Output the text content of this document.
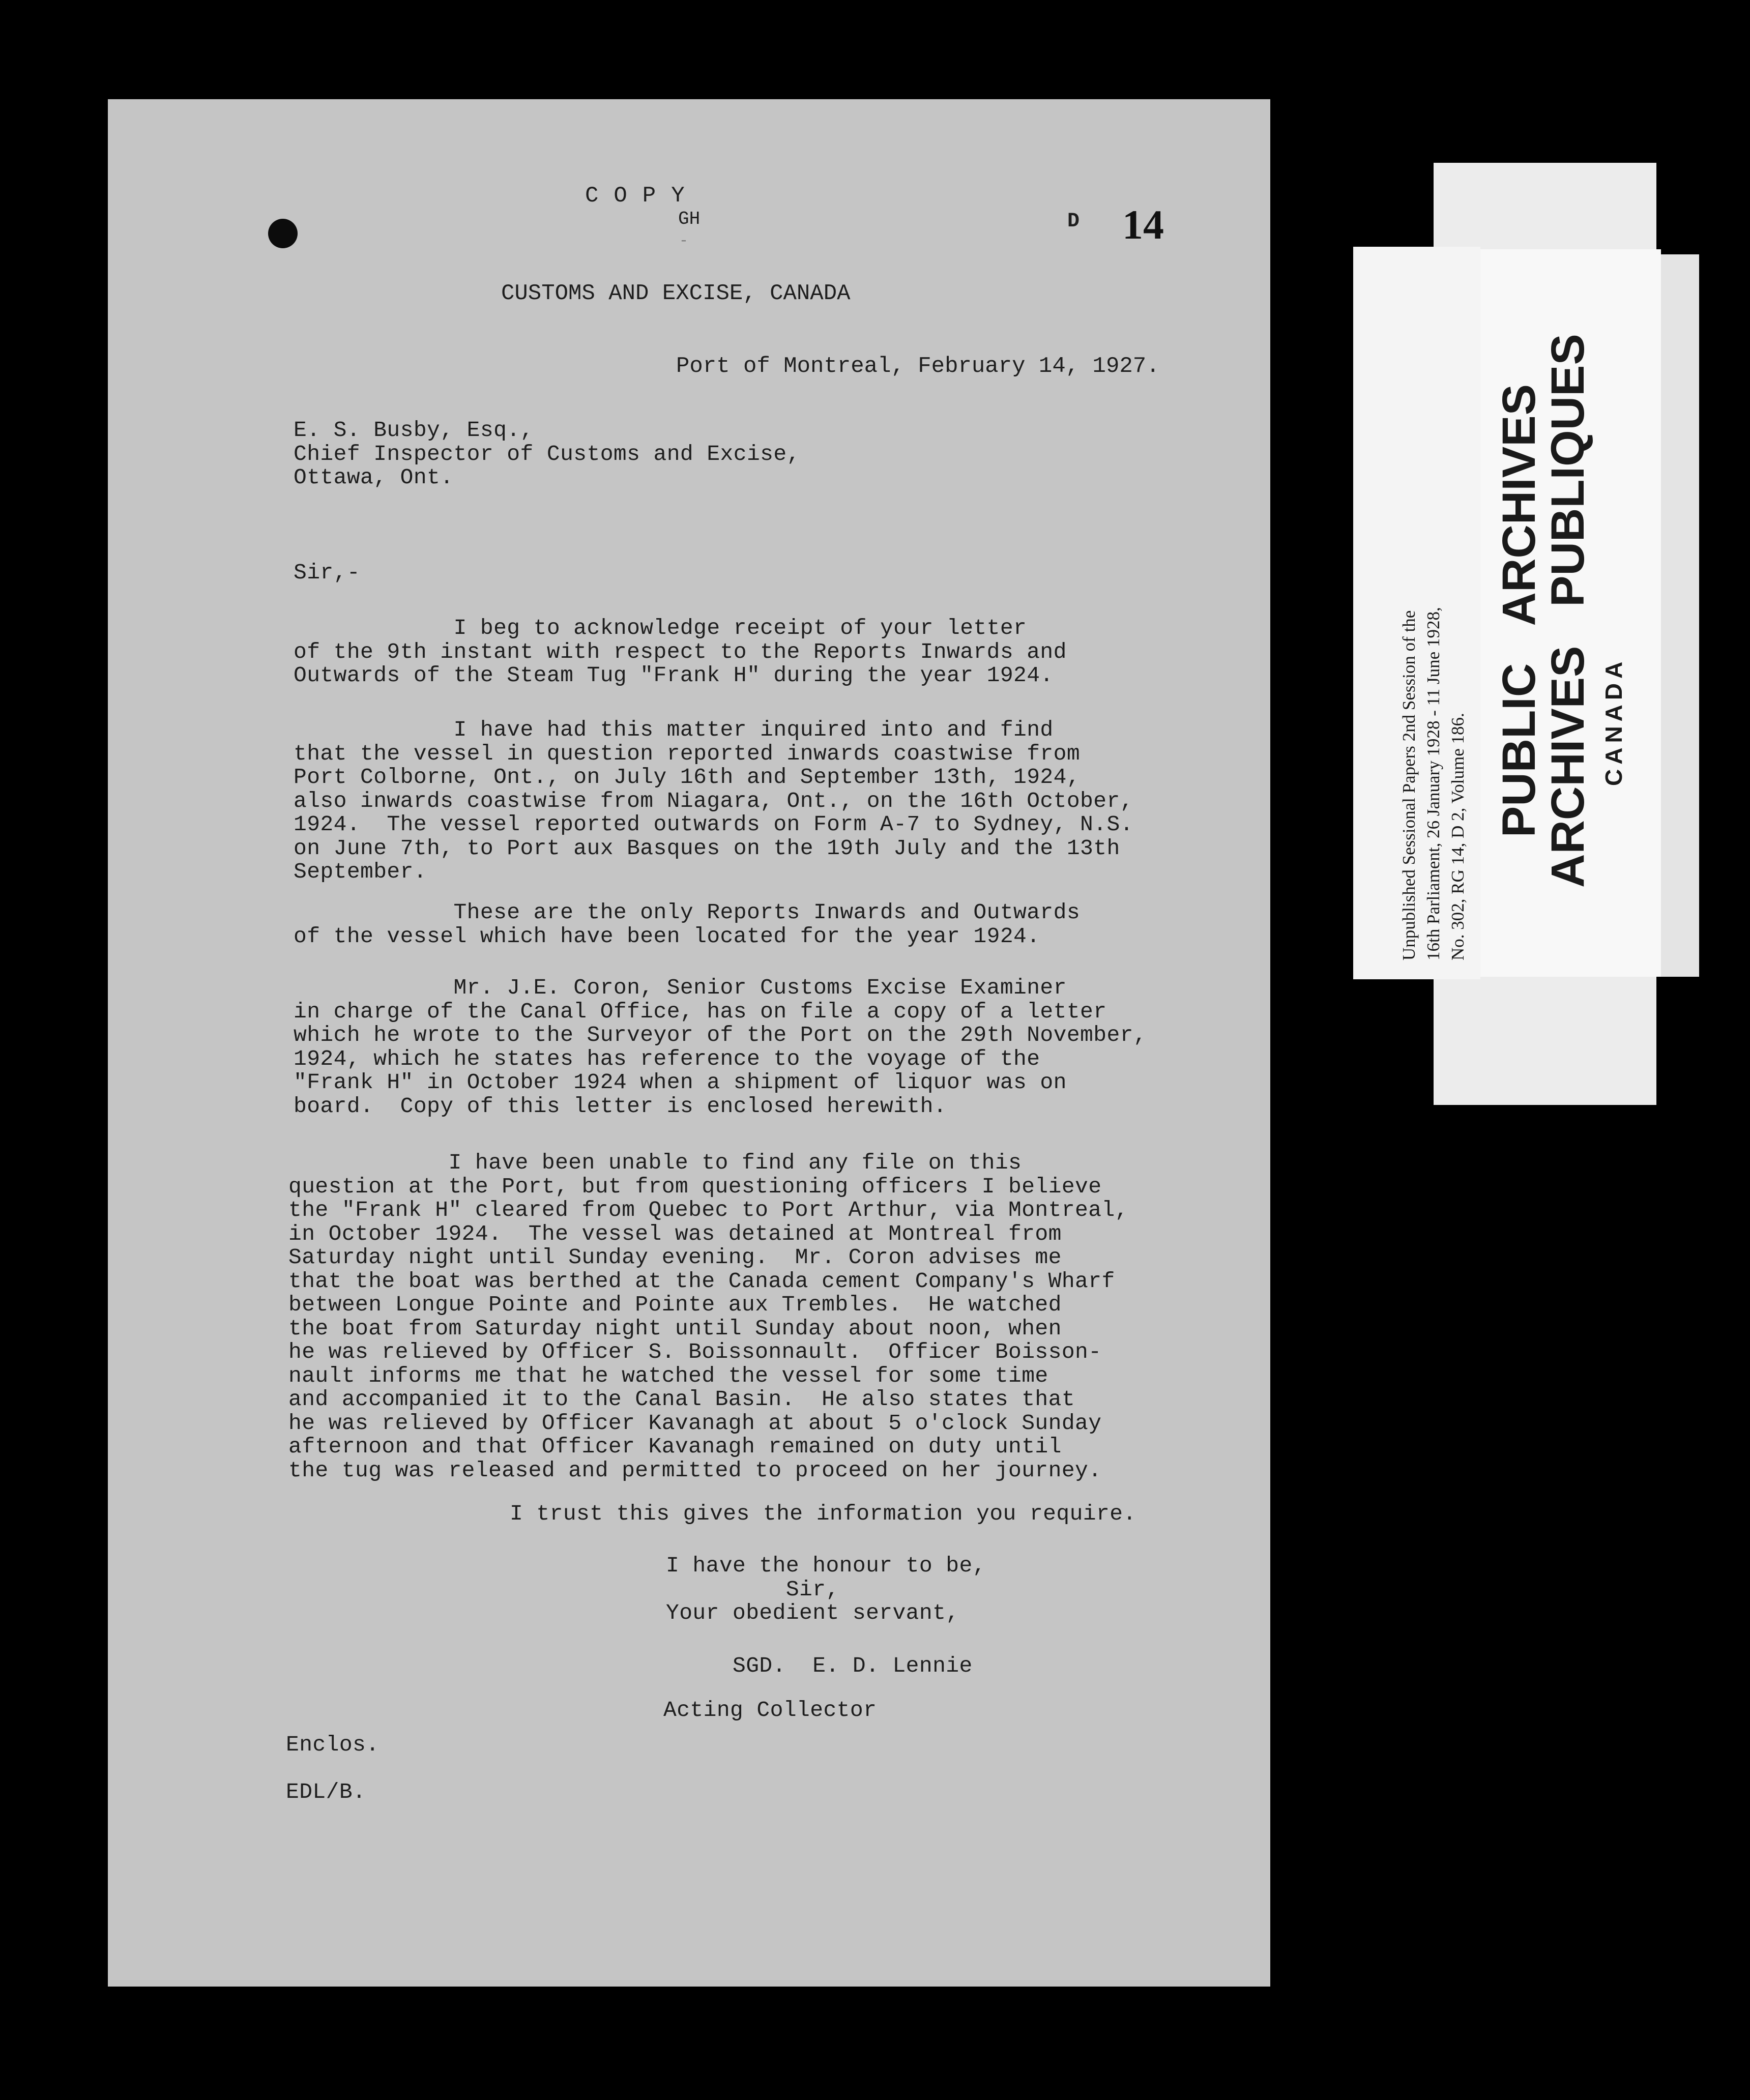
COPY
GH
-
D 14
CUSTOMS AND EXCISE, CANADA
Port of Montreal, February 14, 1927.
E. S. Busby, Esq.,
Chief Inspector of Customs and Excise,
Ottawa, Ont.
Sir,-
I beg to acknowledge receipt of your letter
of the 9th instant with respect to the Reports Inwards and
Outwards of the Steam Tug "Frank H" during the year 1924.
I have had this matter inquired into and find
that the vessel in question reported inwards coastwise from
Port Colborne, Ont., on July 16th and September 13th, 1924,
also inwards coastwise from Niagara, Ont., on the 16th October,
1924.  The vessel reported outwards on Form A-7 to Sydney, N.S.
on June 7th, to Port aux Basques on the 19th July and the 13th
September.
These are the only Reports Inwards and Outwards
of the vessel which have been located for the year 1924.
Mr. J.E. Coron, Senior Customs Excise Examiner
in charge of the Canal Office, has on file a copy of a letter
which he wrote to the Surveyor of the Port on the 29th November,
1924, which he states has reference to the voyage of the
"Frank H" in October 1924 when a shipment of liquor was on
board.  Copy of this letter is enclosed herewith.
I have been unable to find any file on this
question at the Port, but from questioning officers I believe
the "Frank H" cleared from Quebec to Port Arthur, via Montreal,
in October 1924.  The vessel was detained at Montreal from
Saturday night until Sunday evening.  Mr. Coron advises me
that the boat was berthed at the Canada cement Company's Wharf
between Longue Pointe and Pointe aux Trembles.  He watched
the boat from Saturday night until Sunday about noon, when
he was relieved by Officer S. Boissonnault.  Officer Boisson-
nault informs me that he watched the vessel for some time
and accompanied it to the Canal Basin.  He also states that
he was relieved by Officer Kavanagh at about 5 o'clock Sunday
afternoon and that Officer Kavanagh remained on duty until
the tug was released and permitted to proceed on her journey.
I trust this gives the information you require.
I have the honour to be,
Sir,
Your obedient servant,
SGD.  E. D. Lennie
Acting Collector
Enclos.
EDL/B.
Unpublished Sessional Papers 2nd Session of the
16th Parliament, 26 January 1928 - 11 June 1928,
No. 302, RG 14, D 2, Volume 186. PUBLIC   ARCHIVES
ARCHIVES   PUBLIQUES
CANADA
